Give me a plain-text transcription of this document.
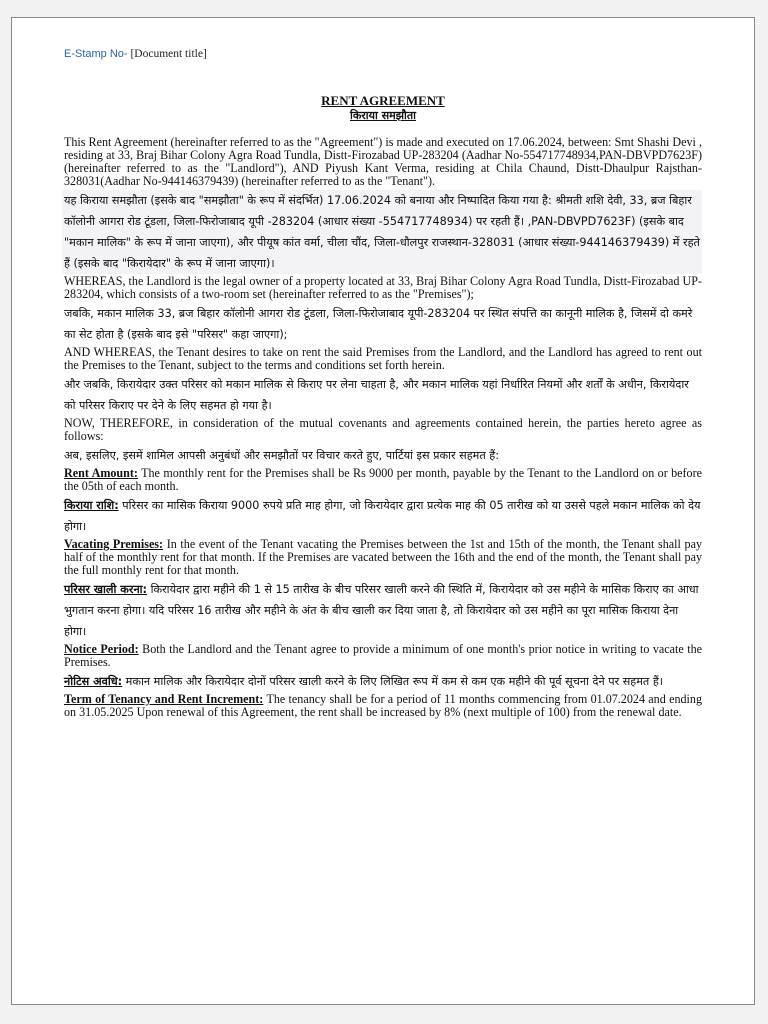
E-Stamp No- [Document title]
RENT AGREEMENT
किराया समझौता

This Rent Agreement (hereinafter referred to as the "Agreement") is made and executed on 17.06.2024, between: Smt Shashi Devi , residing at 33, Braj Bihar Colony Agra Road Tundla, Distt-Firozabad UP-283204 (Aadhar No-554717748934,PAN-DBVPD7623F)(hereinafter referred to as the "Landlord"), AND Piyush Kant Verma, residing at Chila Chaund, Distt-Dhaulpur Rajsthan-328031(Aadhar No-944146379439) (hereinafter referred to as the "Tenant").

यह किराया समझौता (इसके बाद "समझौता" के रूप में संदर्भित) 17.06.2024 को बनाया और निष्पादित किया गया है: श्रीमती शशि देवी, 33, ब्रज बिहार कॉलोनी आगरा रोड टूंडला, जिला-फिरोजाबाद यूपी -283204 (आधार संख्या -554717748934) पर रहती हैं। ,PAN-DBVPD7623F) (इसके बाद "मकान मालिक" के रूप में जाना जाएगा), और पीयूष कांत वर्मा, चीला चौंद, जिला-धौलपुर राजस्थान-328031 (आधार संख्या-944146379439) में रहते हैं (इसके बाद "किरायेदार" के रूप में जाना जाएगा)।

WHEREAS, the Landlord is the legal owner of a property located at 33, Braj Bihar Colony Agra Road Tundla, Distt-Firozabad UP-283204, which consists of a two-room set (hereinafter referred to as the "Premises");

जबकि, मकान मालिक 33, ब्रज बिहार कॉलोनी आगरा रोड टूंडला, जिला-फिरोजाबाद यूपी-283204 पर स्थित संपत्ति का कानूनी मालिक है, जिसमें दो कमरे का सेट होता है (इसके बाद इसे "परिसर" कहा जाएगा);

AND WHEREAS, the Tenant desires to take on rent the said Premises from the Landlord, and the Landlord has agreed to rent out the Premises to the Tenant, subject to the terms and conditions set forth herein.

और जबकि, किरायेदार उक्त परिसर को मकान मालिक से किराए पर लेना चाहता है, और मकान मालिक यहां निर्धारित नियमों और शर्तों के अधीन, किरायेदार को परिसर किराए पर देने के लिए सहमत हो गया है।

NOW, THEREFORE, in consideration of the mutual covenants and agreements contained herein, the parties hereto agree as follows:

अब, इसलिए, इसमें शामिल आपसी अनुबंधों और समझौतों पर विचार करते हुए, पार्टियां इस प्रकार सहमत हैं:

Rent Amount: The monthly rent for the Premises shall be Rs 9000 per month, payable by the Tenant to the Landlord on or before the 05th of each month.

किराया राशि: परिसर का मासिक किराया 9000 रुपये प्रति माह होगा, जो किरायेदार द्वारा प्रत्येक माह की 05 तारीख को या उससे पहले मकान मालिक को देय होगा।

Vacating Premises: In the event of the Tenant vacating the Premises between the 1st and 15th of the month, the Tenant shall pay half of the monthly rent for that month. If the Premises are vacated between the 16th and the end of the month, the Tenant shall pay the full monthly rent for that month.

परिसर खाली करना: किरायेदार द्वारा महीने की 1 से 15 तारीख के बीच परिसर खाली करने की स्थिति में, किरायेदार को उस महीने के मासिक किराए का आधा भुगतान करना होगा। यदि परिसर 16 तारीख और महीने के अंत के बीच खाली कर दिया जाता है, तो किरायेदार को उस महीने का पूरा मासिक किराया देना होगा।

Notice Period: Both the Landlord and the Tenant agree to provide a minimum of one month's prior notice in writing to vacate the Premises.

नोटिस अवधि: मकान मालिक और किरायेदार दोनों परिसर खाली करने के लिए लिखित रूप में कम से कम एक महीने की पूर्व सूचना देने पर सहमत हैं।

Term of Tenancy and Rent Increment: The tenancy shall be for a period of 11 months commencing from 01.07.2024 and ending on 31.05.2025 Upon renewal of this Agreement, the rent shall be increased by 8% (next multiple of 100) from the renewal date.
